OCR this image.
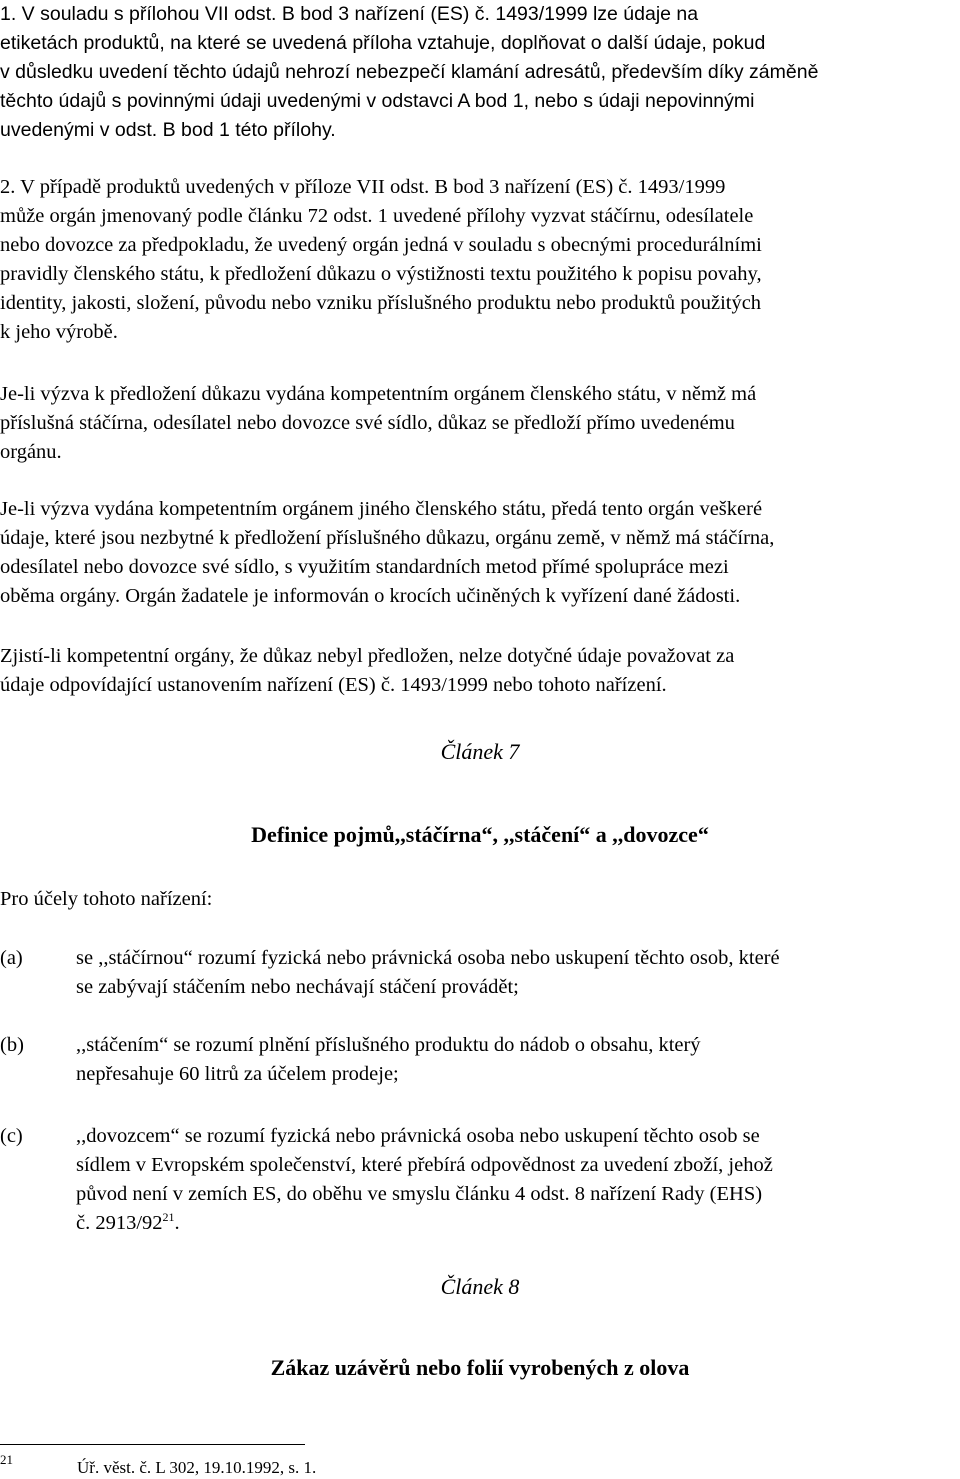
1. V souladu s přílohou VII odst. B bod 3 nařízení (ES) č. 1493/1999 lze údaje na
etiketách produktů, na které se uvedená příloha vztahuje, doplňovat o další údaje, pokud
v důsledku uvedení těchto údajů nehrozí nebezpečí klamání adresátů, především díky záměně
těchto údajů s povinnými údaji uvedenými v odstavci A bod 1, nebo s údaji nepovinnými
uvedenými v odst. B bod 1 této přílohy.
2. V případě produktů uvedených v příloze VII odst. B bod 3 nařízení (ES) č. 1493/1999
může orgán jmenovaný podle článku 72 odst. 1 uvedené přílohy vyzvat stáčírnu, odesílatele
nebo dovozce za předpokladu, že uvedený orgán jedná v souladu s obecnými procedurálními
pravidly členského státu, k předložení důkazu o výstižnosti textu použitého k popisu povahy,
identity, jakosti, složení, původu nebo vzniku příslušného produktu nebo produktů použitých
k jeho výrobě.
Je-li výzva k předložení důkazu vydána kompetentním orgánem členského státu, v němž má
příslušná stáčírna, odesílatel nebo dovozce své sídlo, důkaz se předloží přímo uvedenému
orgánu.
Je-li výzva vydána kompetentním orgánem jiného členského státu, předá tento orgán veškeré
údaje, které jsou nezbytné k předložení příslušného důkazu, orgánu země, v němž má stáčírna,
odesílatel nebo dovozce své sídlo, s využitím standardních metod přímé spolupráce mezi
oběma orgány. Orgán žadatele je informován o krocích učiněných k vyřízení dané žádosti.
Zjistí-li kompetentní orgány, že důkaz nebyl předložen, nelze dotyčné údaje považovat za
údaje odpovídající ustanovením nařízení (ES) č. 1493/1999 nebo tohoto nařízení.
Článek 7
Definice pojmů,,stáčírna“, ,,stáčení“ a ,,dovozce“
Pro účely tohoto nařízení:
(a)	se ,,stáčírnou“ rozumí fyzická nebo právnická osoba nebo uskupení těchto osob, které
se zabývají stáčením nebo nechávají stáčení provádět;
(b)	,,stáčením“ se rozumí plnění příslušného produktu do nádob o obsahu, který
nepřesahuje 60 litrů za účelem prodeje;
(c)	,,dovozcem“ se rozumí fyzická nebo právnická osoba nebo uskupení těchto osob se
sídlem v Evropském společenství, které přebírá odpovědnost za uvedení zboží, jehož
původ není v zemích ES, do oběhu ve smyslu článku 4 odst. 8 nařízení Rady (EHS)
č. $2913/92^{21}$.
Článek 8
Zákaz uzávěrů nebo folií vyrobených z olova
21	Úř. věst. č. L 302, 19.10.1992, s. 1.
